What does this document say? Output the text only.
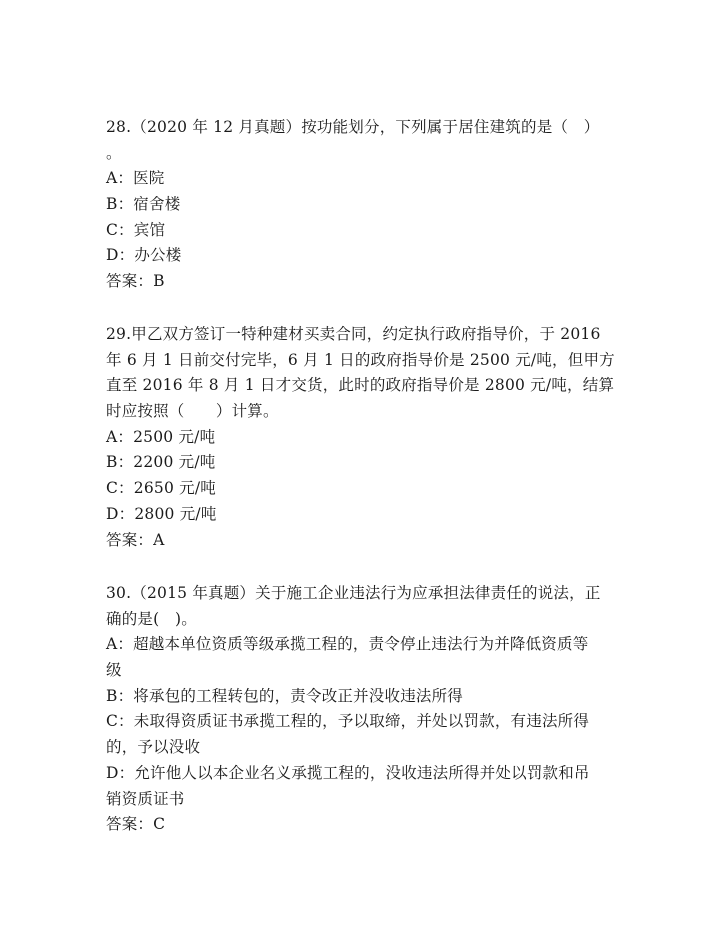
28.（2020 年 12 月真题）按功能划分，下列属于居住建筑的是（　）
。
A：医院
B：宿舍楼
C：宾馆
D：办公楼
答案：B
29.甲乙双方签订一特种建材买卖合同，约定执行政府指导价，于 2016
年 6 月 1 日前交付完毕，6 月 1 日的政府指导价是 2500 元/吨，但甲方
直至 2016 年 8 月 1 日才交货，此时的政府指导价是 2800 元/吨，结算
时应按照（　　）计算。
A：2500 元/吨
B：2200 元/吨
C：2650 元/吨
D：2800 元/吨
答案：A
30.（2015 年真题）关于施工企业违法行为应承担法律责任的说法，正
确的是(　)。
A：超越本单位资质等级承揽工程的，责令停止违法行为并降低资质等
级
B：将承包的工程转包的，责令改正并没收违法所得
C：未取得资质证书承揽工程的，予以取缔，并处以罚款，有违法所得
的，予以没收
D：允许他人以本企业名义承揽工程的，没收违法所得并处以罚款和吊
销资质证书
答案：C
